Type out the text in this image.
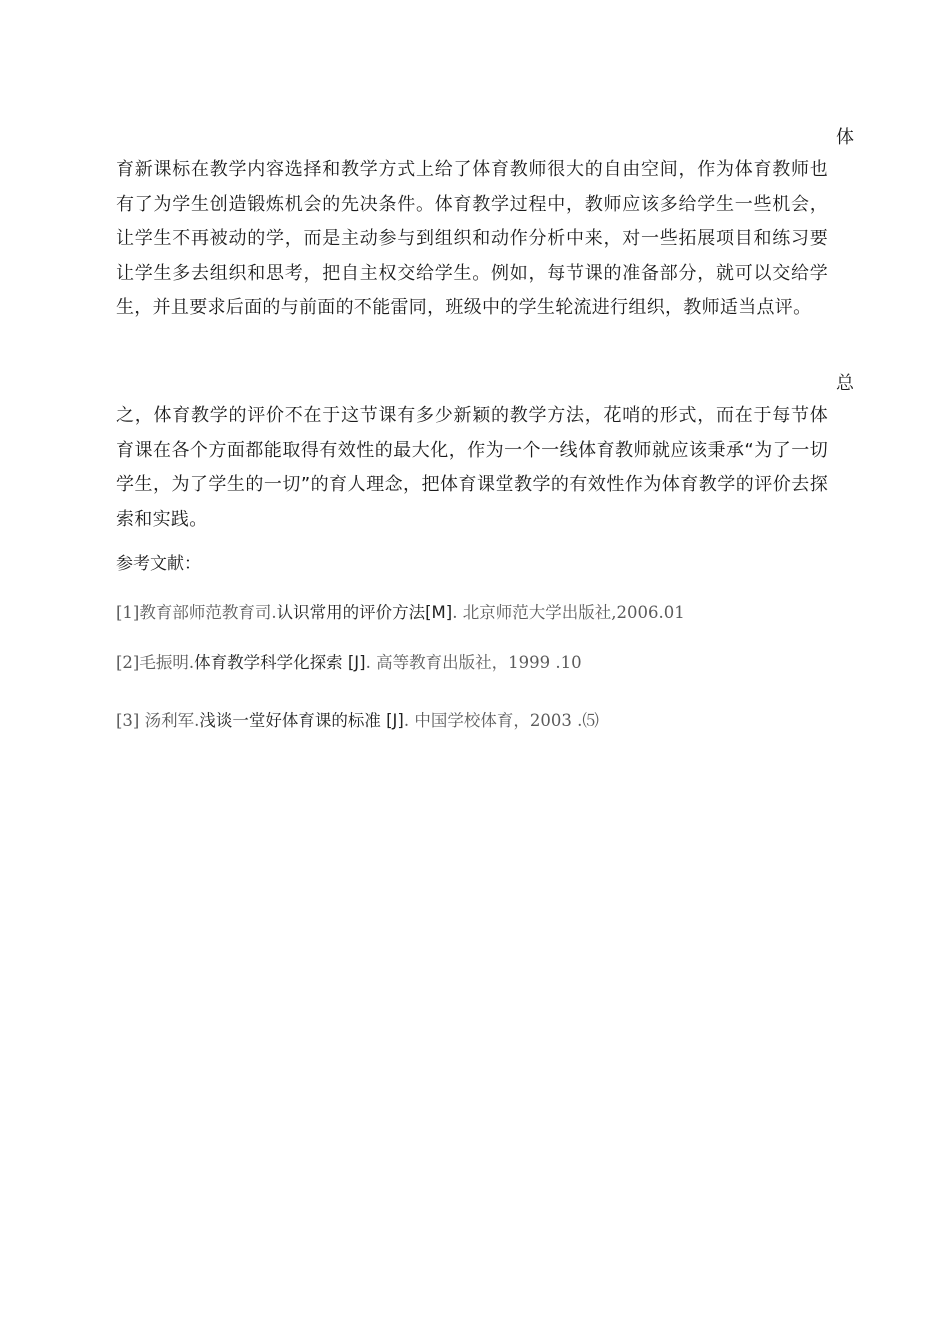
体

育新课标在教学内容选择和教学方式上给了体育教师很大的自由空间，作为体育教师也有了为学生创造锻炼机会的先决条件。体育教学过程中，教师应该多给学生一些机会，让学生不再被动的学，而是主动参与到组织和动作分析中来，对一些拓展项目和练习要让学生多去组织和思考，把自主权交给学生。例如，每节课的准备部分，就可以交给学生，并且要求后面的与前面的不能雷同，班级中的学生轮流进行组织，教师适当点评。

总

之，体育教学的评价不在于这节课有多少新颖的教学方法，花哨的形式，而在于每节体育课在各个方面都能取得有效性的最大化，作为一个一线体育教师就应该秉承“为了一切学生，为了学生的一切”的育人理念，把体育课堂教学的有效性作为体育教学的评价去探索和实践。

参考文献：
[1]教育部师范教育司.认识常用的评价方法[M]. 北京师范大学出版社,2006.01
[2]毛振明.体育教学科学化探索 [J]. 高等教育出版社，1999 .10
[3] 汤利军.浅谈一堂好体育课的标准 [J]. 中国学校体育，2003 .⑸
